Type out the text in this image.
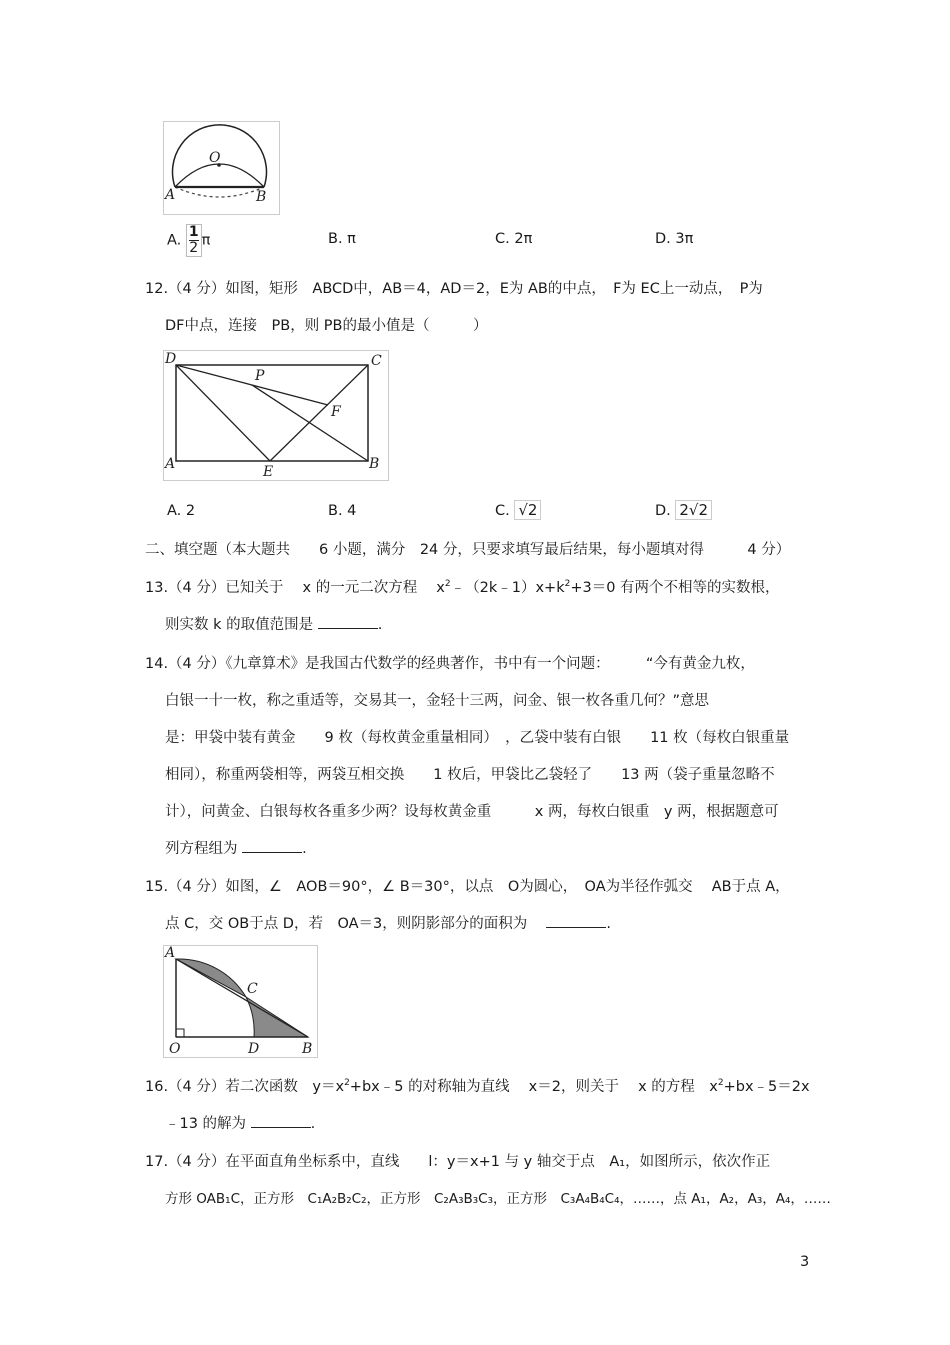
O
A	B
A. $\frac{1}{2}\pi$	B. π	C. 2π	D. 3π
12.（4 分）如图，矩形　ABCD中，AB＝4，AD＝2，E为 AB的中点，　F为 EC上一动点，　P为
DF中点，连接　PB，则 PB的最小值是（　　　）
D	C
P
F
A	E	B
A. 2	B. 4	C. √2	D. 2√2
二、填空题（本大题共　　6 小题，满分　24 分，只要求填写最后结果，每小题填对得　　　4 分）
13.（4 分）已知关于　 x 的一元二次方程　 $x^2﹣(2k﹣1)x+k^2+3=0$ 有两个不相等的实数根，
则实数 k 的取值范围是	.
14.（4 分）《九章算术》是我国古代数学的经典著作，书中有一个问题：　　　“今有黄金九枚，
白银一十一枚，称之重适等，交易其一，金轻十三两，问金、银一枚各重几何？”意思
是：甲袋中装有黄金　　9 枚（每枚黄金重量相同）　，乙袋中装有白银　　11 枚（每枚白银重量
相同），称重两袋相等，两袋互相交换　　1 枚后，甲袋比乙袋轻了　　13 两（袋子重量忽略不
计），问黄金、白银每枚各重多少两？设每枚黄金重　　　x 两，每枚白银重　y 两，根据题意可
列方程组为	.
15.（4 分）如图，∠　AOB＝90°，∠ B＝30°，以点　O为圆心，　OA为半径作弧交　 AB于点 A，
点 C，交 OB于点 D，若　OA＝3，则阴影部分的面积为　	.
A
C
O	D	B
16.（4 分）若二次函数　$y=x^2+bx﹣5$ 的对称轴为直线　 x＝2，则关于　 x 的方程　$x^2+bx﹣5=2x$
﹣13 的解为	.
17.（4 分）在平面直角坐标系中，直线　　l：y＝x+1 与 y 轴交于点　A₁，如图所示，依次作正
方形 OAB₁C，正方形　C₁A₂B₂C₂，正方形　C₂A₃B₃C₃，正方形　C₃A₄B₄C₄，……，点 A₁，A₂，A₃，A₄，……
3
